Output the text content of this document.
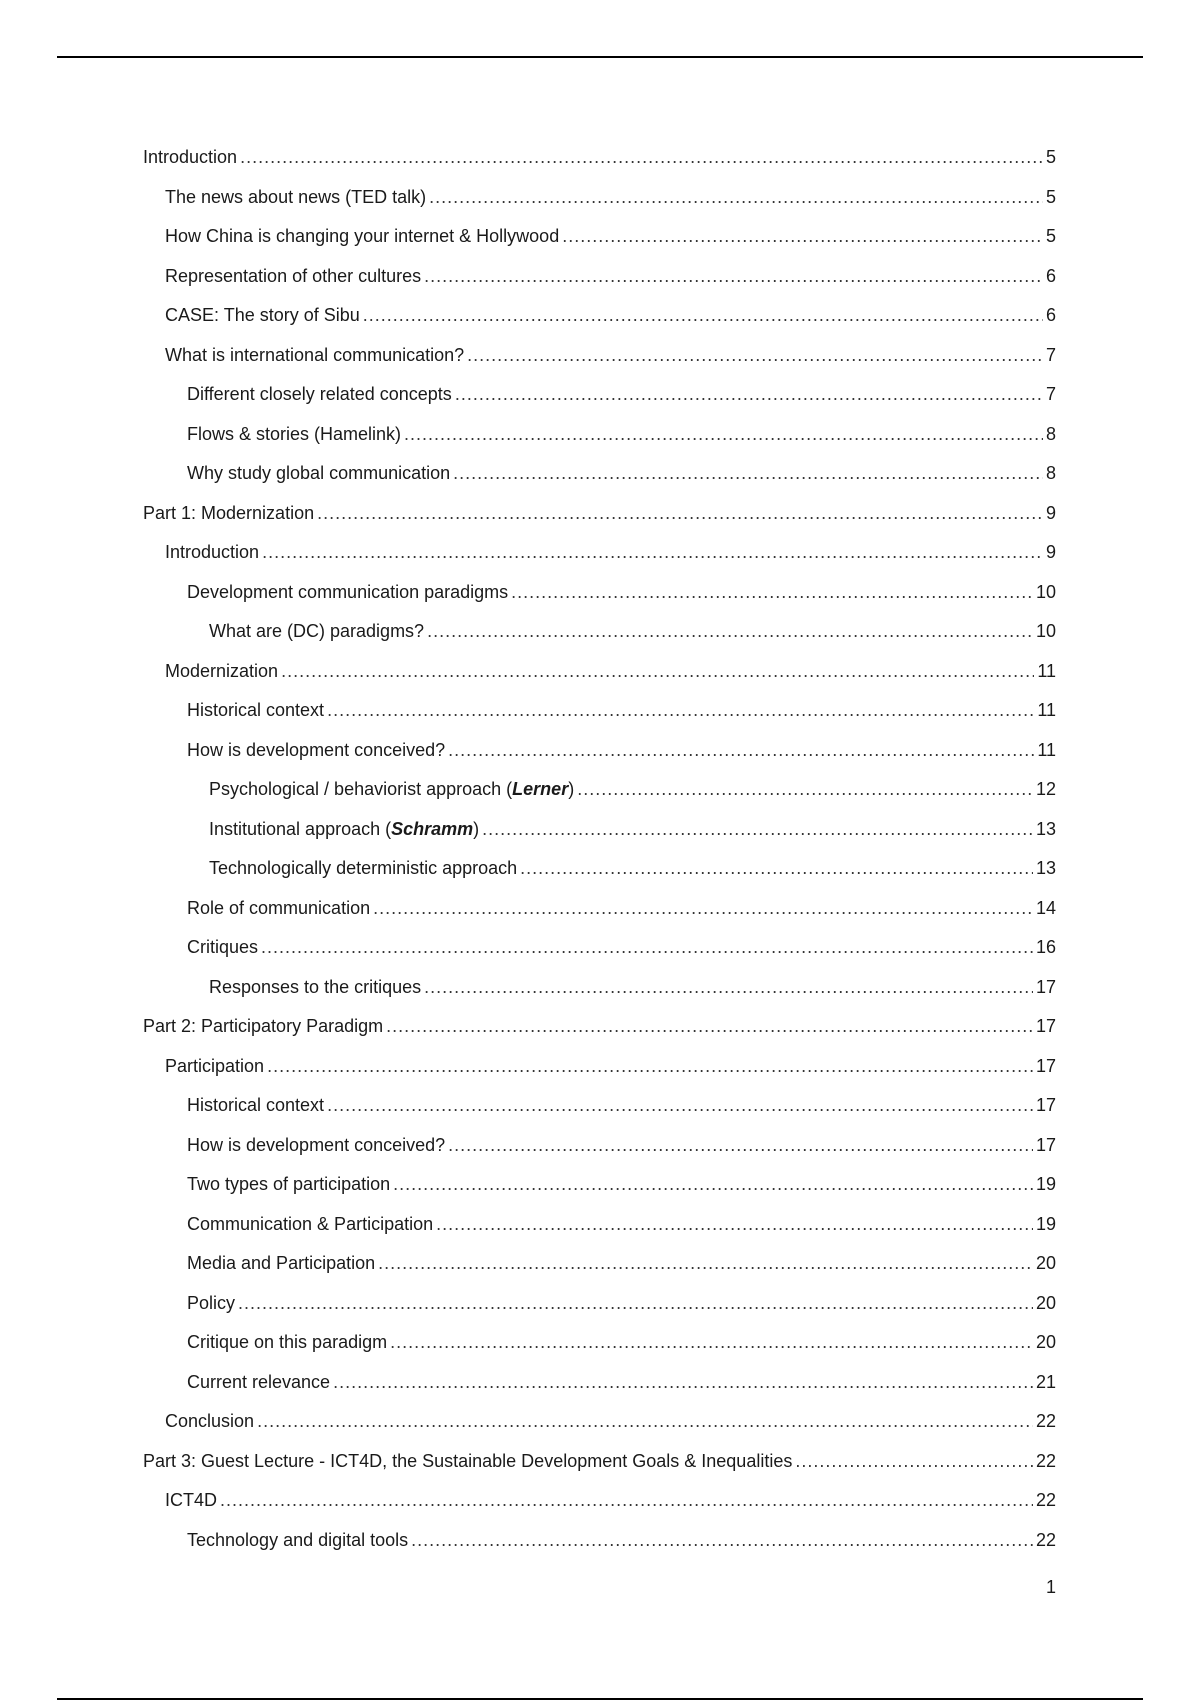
Introduction .....	5
The news about news (TED talk) .....	5
How China is changing your internet & Hollywood .....	5
Representation of other cultures .....	6
CASE: The story of Sibu .....	6
What is international communication? .....	7
Different closely related concepts .....	7
Flows & stories (Hamelink) .....	8
Why study global communication .....	8
Part 1: Modernization .....	9
Introduction .....	9
Development communication paradigms .....	10
What are (DC) paradigms? .....	10
Modernization .....	11
Historical context .....	11
How is development conceived? .....	11
Psychological / behaviorist approach (Lerner) .....	12
Institutional approach (Schramm) .....	13
Technologically deterministic approach .....	13
Role of communication .....	14
Critiques .....	16
Responses to the critiques .....	17
Part 2: Participatory Paradigm .....	17
Participation .....	17
Historical context .....	17
How is development conceived? .....	17
Two types of participation .....	19
Communication & Participation .....	19
Media and Participation .....	20
Policy .....	20
Critique on this paradigm .....	20
Current relevance .....	21
Conclusion .....	22
Part 3: Guest Lecture - ICT4D, the Sustainable Development Goals & Inequalities .....	22
ICT4D .....	22
Technology and digital tools .....	22
1
